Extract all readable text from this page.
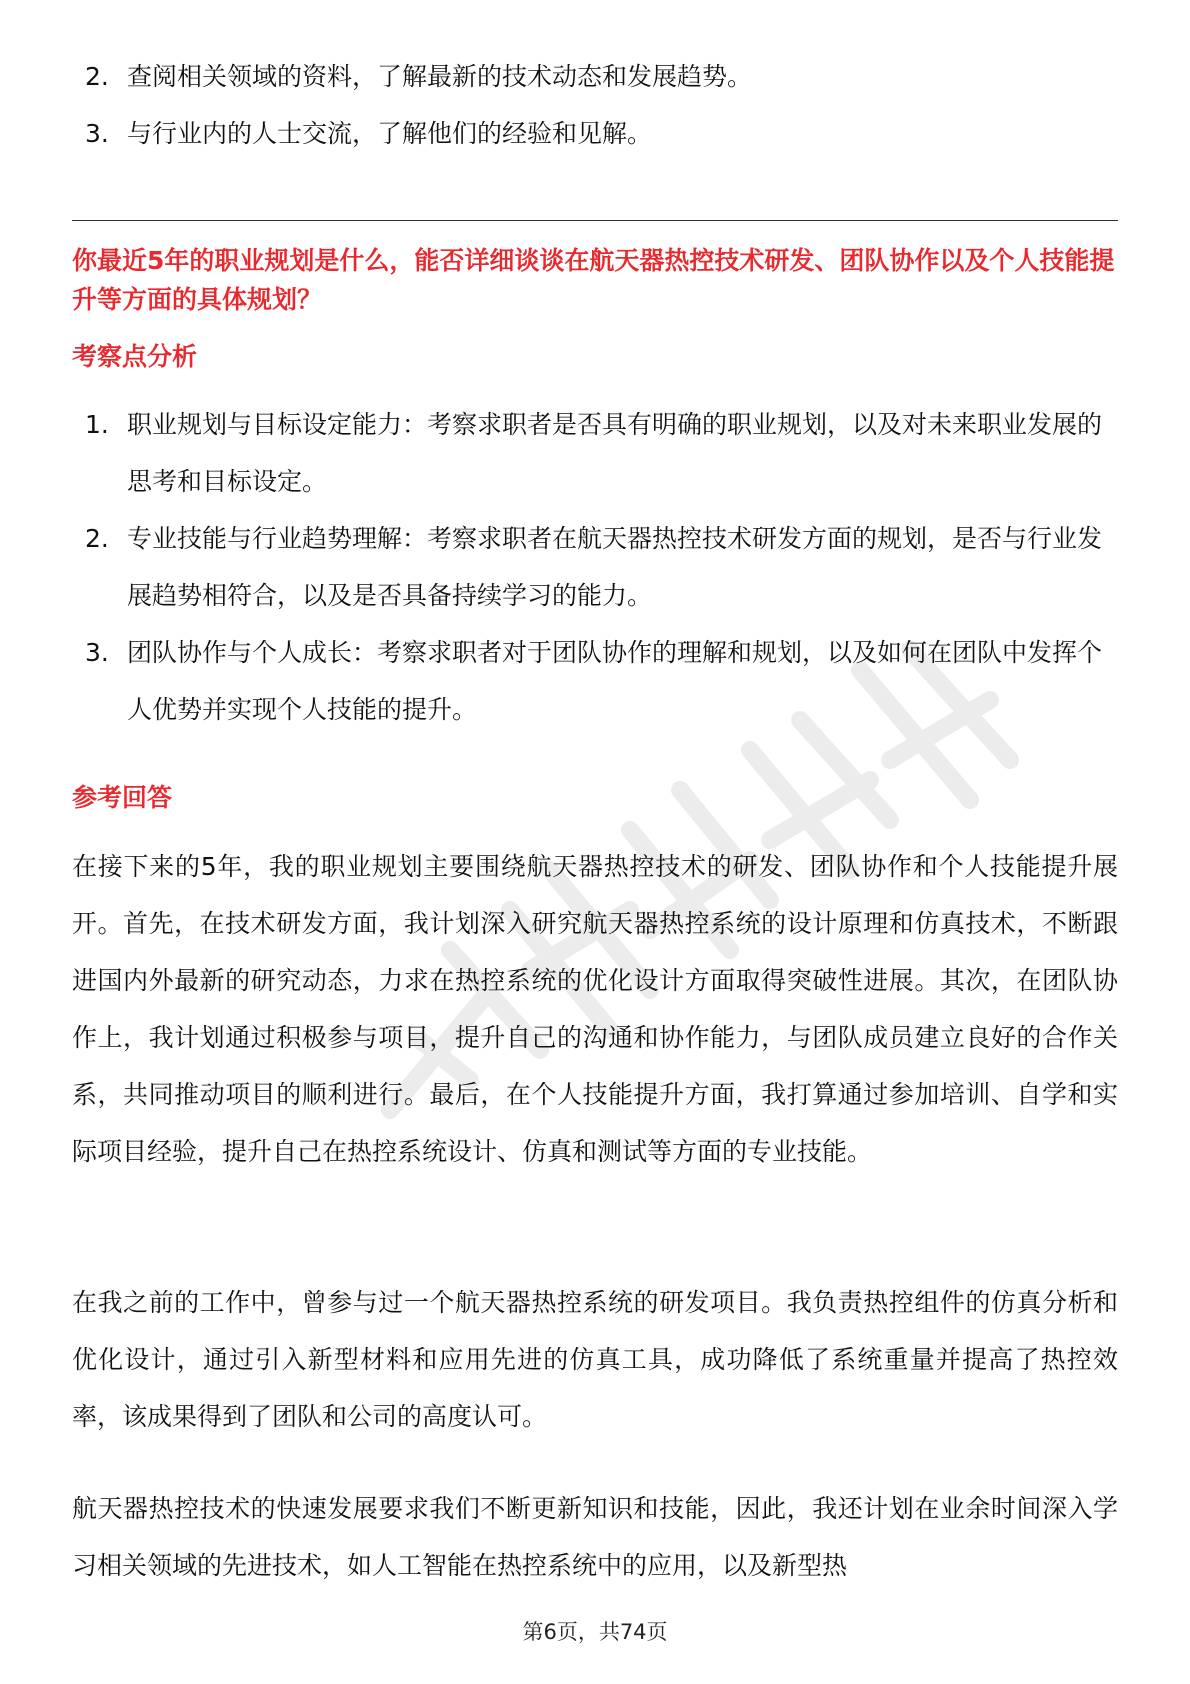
2. 查阅相关领域的资料，了解最新的技术动态和发展趋势。
3. 与行业内的人士交流，了解他们的经验和见解。
你最近5年的职业规划是什么，能否详细谈谈在航天器热控技术研发、团队协作以及个人技能提升等方面的具体规划？
考察点分析
1. 职业规划与目标设定能力：考察求职者是否具有明确的职业规划，以及对未来职业发展的思考和目标设定。
2. 专业技能与行业趋势理解：考察求职者在航天器热控技术研发方面的规划，是否与行业发展趋势相符合，以及是否具备持续学习的能力。
3. 团队协作与个人成长：考察求职者对于团队协作的理解和规划，以及如何在团队中发挥个人优势并实现个人技能的提升。
参考回答

在接下来的5年，我的职业规划主要围绕航天器热控技术的研发、团队协作和个人技能提升展开。首先，在技术研发方面，我计划深入研究航天器热控系统的设计原理和仿真技术，不断跟进国内外最新的研究动态，力求在热控系统的优化设计方面取得突破性进展。其次，在团队协作上，我计划通过积极参与项目，提升自己的沟通和协作能力，与团队成员建立良好的合作关系，共同推动项目的顺利进行。最后，在个人技能提升方面，我打算通过参加培训、自学和实际项目经验，提升自己在热控系统设计、仿真和测试等方面的专业技能。

在我之前的工作中，曾参与过一个航天器热控系统的研发项目。我负责热控组件的仿真分析和优化设计，通过引入新型材料和应用先进的仿真工具，成功降低了系统重量并提高了热控效率，该成果得到了团队和公司的高度认可。

航天器热控技术的快速发展要求我们不断更新知识和技能，因此，我还计划在业余时间深入学习相关领域的先进技术，如人工智能在热控系统中的应用，以及新型热

第6页，共74页
